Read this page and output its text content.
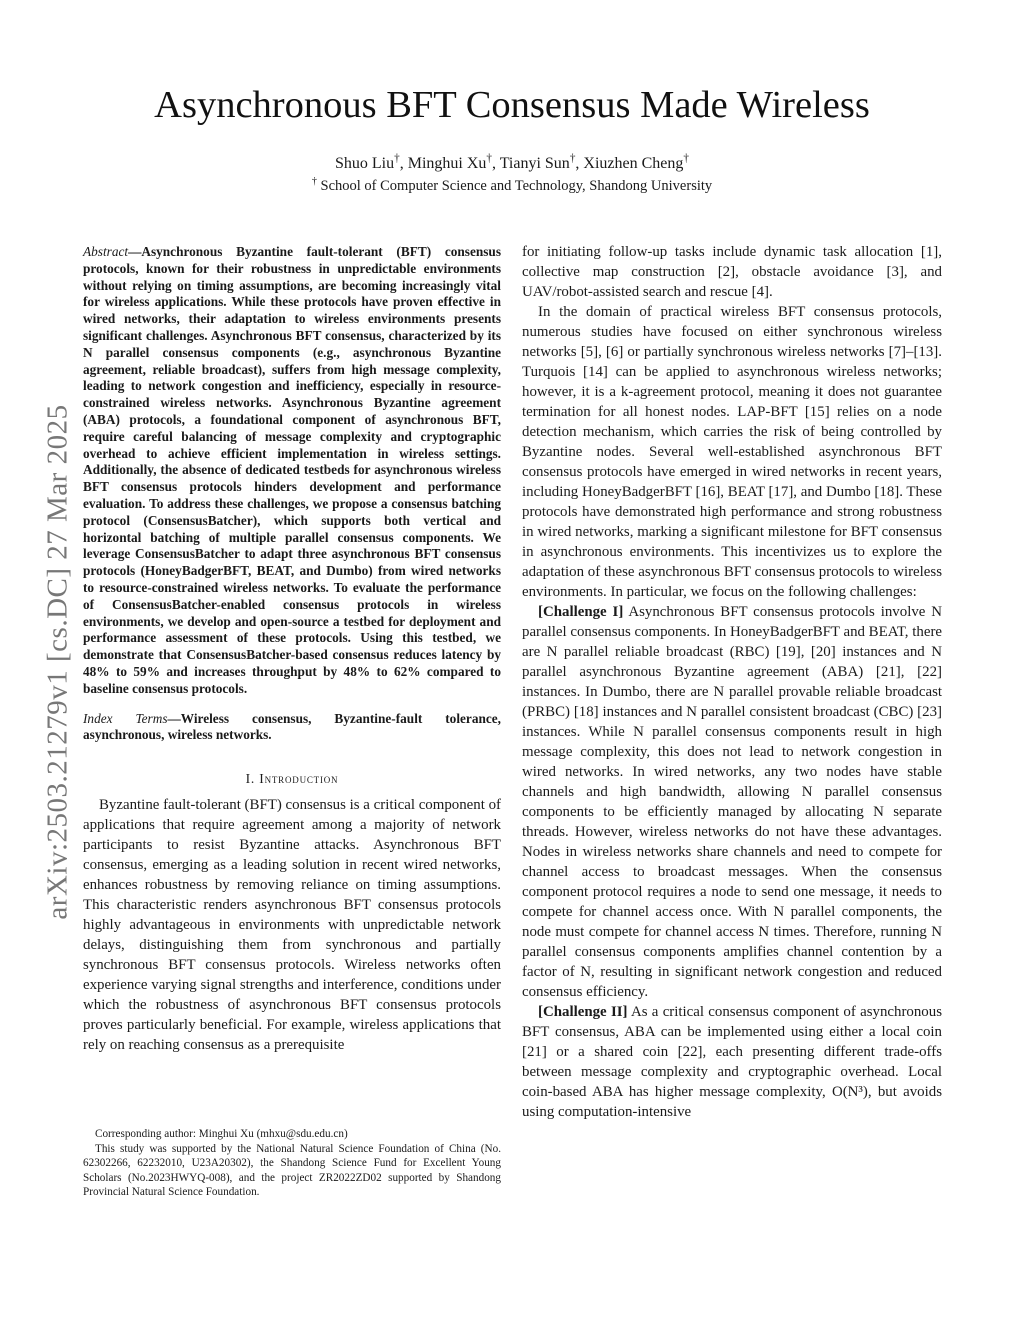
arXiv:2503.21279v1 [cs.DC] 27 Mar 2025
Asynchronous BFT Consensus Made Wireless
Shuo Liu†, Minghui Xu†, Tianyi Sun†, Xiuzhen Cheng†
† School of Computer Science and Technology, Shandong University

Abstract—Asynchronous Byzantine fault-tolerant (BFT) consensus protocols, known for their robustness in unpredictable environments without relying on timing assumptions, are becoming increasingly vital for wireless applications. While these protocols have proven effective in wired networks, their adaptation to wireless environments presents significant challenges. Asynchronous BFT consensus, characterized by its N parallel consensus components (e.g., asynchronous Byzantine agreement, reliable broadcast), suffers from high message complexity, leading to network congestion and inefficiency, especially in resource-constrained wireless networks. Asynchronous Byzantine agreement (ABA) protocols, a foundational component of asynchronous BFT, require careful balancing of message complexity and cryptographic overhead to achieve efficient implementation in wireless settings. Additionally, the absence of dedicated testbeds for asynchronous wireless BFT consensus protocols hinders development and performance evaluation. To address these challenges, we propose a consensus batching protocol (ConsensusBatcher), which supports both vertical and horizontal batching of multiple parallel consensus components. We leverage ConsensusBatcher to adapt three asynchronous BFT consensus protocols (HoneyBadgerBFT, BEAT, and Dumbo) from wired networks to resource-constrained wireless networks. To evaluate the performance of ConsensusBatcher-enabled consensus protocols in wireless environments, we develop and open-source a testbed for deployment and performance assessment of these protocols. Using this testbed, we demonstrate that ConsensusBatcher-based consensus reduces latency by 48% to 59% and increases throughput by 48% to 62% compared to baseline consensus protocols.

Index Terms—Wireless consensus, Byzantine-fault tolerance, asynchronous, wireless networks.

I. Introduction

Byzantine fault-tolerant (BFT) consensus is a critical component of applications that require agreement among a majority of network participants to resist Byzantine attacks. Asynchronous BFT consensus, emerging as a leading solution in recent wired networks, enhances robustness by removing reliance on timing assumptions. This characteristic renders asynchronous BFT consensus protocols highly advantageous in environments with unpredictable network delays, distinguishing them from synchronous and partially synchronous BFT consensus protocols. Wireless networks often experience varying signal strengths and interference, conditions under which the robustness of asynchronous BFT consensus protocols proves particularly beneficial. For example, wireless applications that rely on reaching consensus as a prerequisite

Corresponding author: Minghui Xu (mhxu@sdu.edu.cn)

This study was supported by the National Natural Science Foundation of China (No. 62302266, 62232010, U23A20302), the Shandong Science Fund for Excellent Young Scholars (No.2023HWYQ-008), and the project ZR2022ZD02 supported by Shandong Provincial Natural Science Foundation.

for initiating follow-up tasks include dynamic task allocation [1], collective map construction [2], obstacle avoidance [3], and UAV/robot-assisted search and rescue [4].

In the domain of practical wireless BFT consensus protocols, numerous studies have focused on either synchronous wireless networks [5], [6] or partially synchronous wireless networks [7]–[13]. Turquois [14] can be applied to asynchronous wireless networks; however, it is a k-agreement protocol, meaning it does not guarantee termination for all honest nodes. LAP-BFT [15] relies on a node detection mechanism, which carries the risk of being controlled by Byzantine nodes. Several well-established asynchronous BFT consensus protocols have emerged in wired networks in recent years, including HoneyBadgerBFT [16], BEAT [17], and Dumbo [18]. These protocols have demonstrated high performance and strong robustness in wired networks, marking a significant milestone for BFT consensus in asynchronous environments. This incentivizes us to explore the adaptation of these asynchronous BFT consensus protocols to wireless environments. In particular, we focus on the following challenges:

[Challenge I] Asynchronous BFT consensus protocols involve N parallel consensus components. In HoneyBadgerBFT and BEAT, there are N parallel reliable broadcast (RBC) [19], [20] instances and N parallel asynchronous Byzantine agreement (ABA) [21], [22] instances. In Dumbo, there are N parallel provable reliable broadcast (PRBC) [18] instances and N parallel consistent broadcast (CBC) [23] instances. While N parallel consensus components result in high message complexity, this does not lead to network congestion in wired networks. In wired networks, any two nodes have stable channels and high bandwidth, allowing N parallel consensus components to be efficiently managed by allocating N separate threads. However, wireless networks do not have these advantages. Nodes in wireless networks share channels and need to compete for channel access to broadcast messages. When the consensus component protocol requires a node to send one message, it needs to compete for channel access once. With N parallel components, the node must compete for channel access N times. Therefore, running N parallel consensus components amplifies channel contention by a factor of N, resulting in significant network congestion and reduced consensus efficiency.

[Challenge II] As a critical consensus component of asynchronous BFT consensus, ABA can be implemented using either a local coin [21] or a shared coin [22], each presenting different trade-offs between message complexity and cryptographic overhead. Local coin-based ABA has higher message complexity, O(N³), but avoids using computation-intensive
